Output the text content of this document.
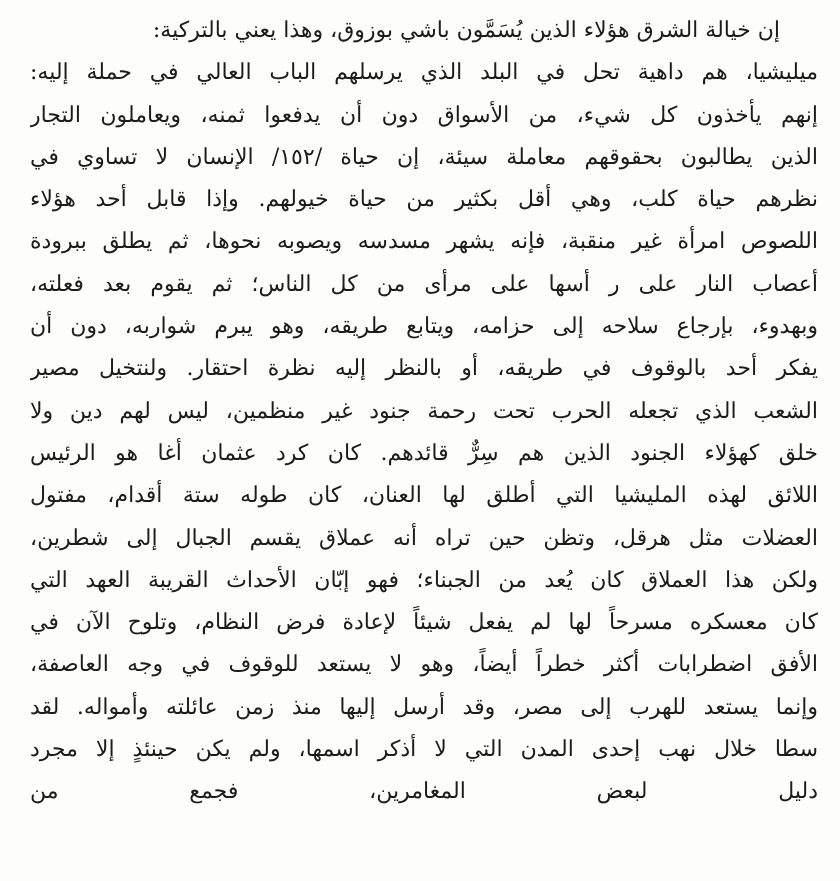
إن خيالة الشرق هؤلاء الذين يُسَمَّون باشي بوزوق، وهذا يعني بالتركية:
ميليشيا، هم داهية تحل في البلد الذي يرسلهم الباب العالي في حملة إليه:
إنهم يأخذون كل شيء، من الأسواق دون أن يدفعوا ثمنه، ويعاملون التجار
الذين يطالبون بحقوقهم معاملة سيئة، إن حياة /١٥٢/ الإنسان لا تساوي في
نظرهم حياة كلب، وهي أقل بكثير من حياة خيولهم. وإذا قابل أحد هؤلاء
اللصوص امرأة غير منقبة، فإنه يشهر مسدسه ويصوبه نحوها، ثم يطلق ببرودة
أعصاب النار على ر أسها على مرأى من كل الناس؛ ثم يقوم بعد فعلته،
وبهدوء، بإرجاع سلاحه إلى حزامه، ويتابع طريقه، وهو يبرم شواربه، دون أن
يفكر أحد بالوقوف في طريقه، أو بالنظر إليه نظرة احتقار. ولنتخيل مصير
الشعب الذي تجعله الحرب تحت رحمة جنود غير منظمين، ليس لهم دين ولا
خلق كهؤلاء الجنود الذين هم سِرٌّ قائدهم. كان كرد عثمان أغا هو الرئيس
اللائق لهذه المليشيا التي أطلق لها العنان، كان طوله ستة أقدام، مفتول
العضلات مثل هرقل، وتظن حين تراه أنه عملاق يقسم الجبال إلى شطرين،
ولكن هذا العملاق كان يُعد من الجبناء؛ فهو إبّان الأحداث القريبة العهد التي
كان معسكره مسرحاً لها لم يفعل شيئاً لإعادة فرض النظام، وتلوح الآن في
الأفق اضطرابات أكثر خطراً أيضاً، وهو لا يستعد للوقوف في وجه العاصفة،
وإنما يستعد للهرب إلى مصر، وقد أرسل إليها منذ زمن عائلته وأمواله. لقد
سطا خلال نهب إحدى المدن التي لا أذكر اسمها، ولم يكن حينئذٍ إلا مجرد
دليل لبعض المغامرين، فجمع من
